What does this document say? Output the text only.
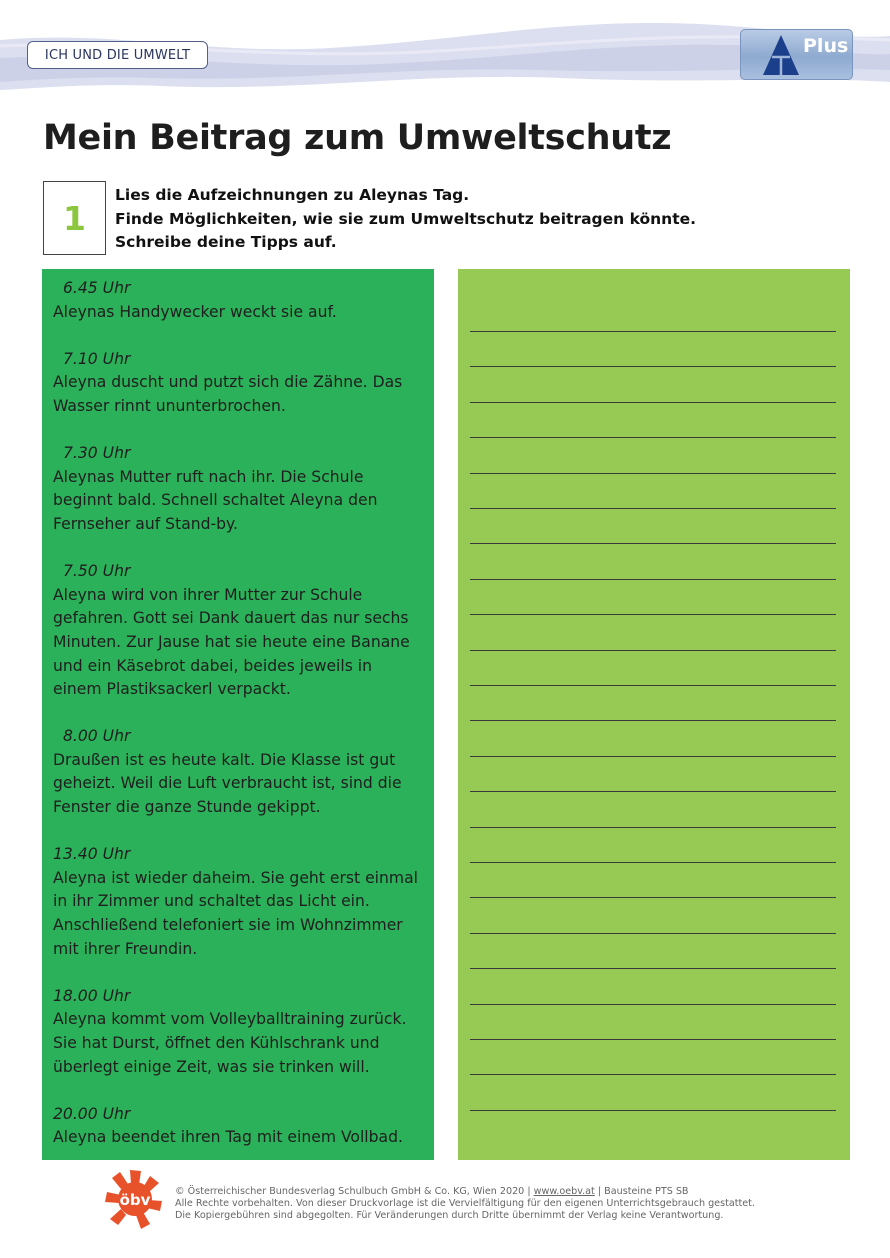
ICH UND DIE UMWELT	Plus
Mein Beitrag zum Umweltschutz
1
Lies die Aufzeichnungen zu Aleynas Tag.
Finde Möglichkeiten, wie sie zum Umweltschutz beitragen könnte.
Schreibe deine Tipps auf.
6.45 Uhr
Aleynas Handywecker weckt sie auf.
7.10 Uhr
Aleyna duscht und putzt sich die Zähne. Das
Wasser rinnt ununterbrochen.
7.30 Uhr
Aleynas Mutter ruft nach ihr. Die Schule
beginnt bald. Schnell schaltet Aleyna den
Fernseher auf Stand-by.
7.50 Uhr
Aleyna wird von ihrer Mutter zur Schule
gefahren. Gott sei Dank dauert das nur sechs
Minuten. Zur Jause hat sie heute eine Banane
und ein Käsebrot dabei, beides jeweils in
einem Plastiksackerl verpackt.
8.00 Uhr
Draußen ist es heute kalt. Die Klasse ist gut
geheizt. Weil die Luft verbraucht ist, sind die
Fenster die ganze Stunde gekippt.
13.40 Uhr
Aleyna ist wieder daheim. Sie geht erst einmal
in ihr Zimmer und schaltet das Licht ein.
Anschließend telefoniert sie im Wohnzimmer
mit ihrer Freundin.
18.00 Uhr
Aleyna kommt vom Volleyballtraining zurück.
Sie hat Durst, öffnet den Kühlschrank und
überlegt einige Zeit, was sie trinken will.
20.00 Uhr
Aleyna beendet ihren Tag mit einem Vollbad.
öbv	© Österreichischer Bundesverlag Schulbuch GmbH & Co. KG, Wien 2020 | www.oebv.at | Bausteine PTS SB
Alle Rechte vorbehalten. Von dieser Druckvorlage ist die Vervielfältigung für den eigenen Unterrichtsgebrauch gestattet.
Die Kopiergebühren sind abgegolten. Für Veränderungen durch Dritte übernimmt der Verlag keine Verantwortung.
